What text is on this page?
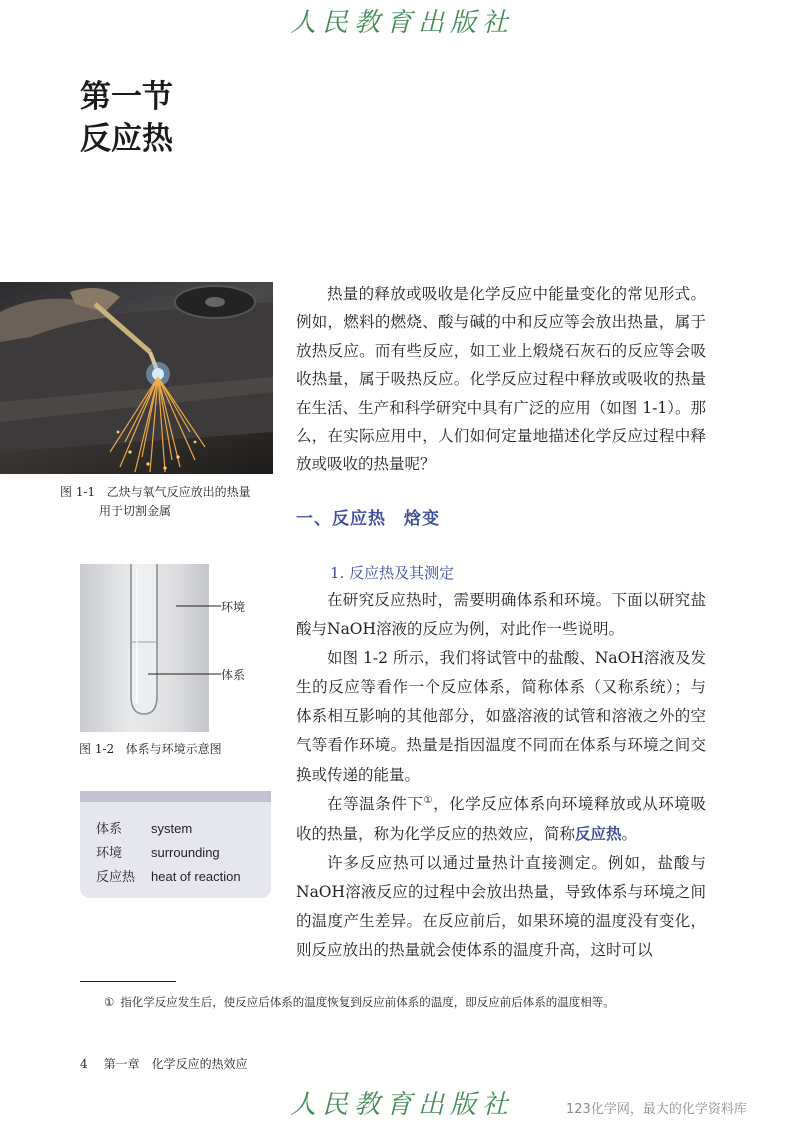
人民教育出版社
第一节
反应热
图 1-1 乙炔与氧气反应放出的热量
用于切割金属

热量的释放或吸收是化学反应中能量变化的常见形式。例如，燃料的燃烧、酸与碱的中和反应等会放出热量，属于放热反应。而有些反应，如工业上煅烧石灰石的反应等会吸收热量，属于吸热反应。化学反应过程中释放或吸收的热量在生活、生产和科学研究中具有广泛的应用（如图 1-1）。那么，在实际应用中，人们如何定量地描述化学反应过程中释放或吸收的热量呢？

一、反应热　焓变
1. 反应热及其测定

在研究反应热时，需要明确体系和环境。下面以研究盐酸与NaOH溶液的反应为例，对此作一些说明。

如图 1-2 所示，我们将试管中的盐酸、NaOH溶液及发生的反应等看作一个反应体系，简称体系（又称系统）；与体系相互影响的其他部分，如盛溶液的试管和溶液之外的空气等看作环境。热量是指因温度不同而在体系与环境之间交换或传递的能量。

在等温条件下①，化学反应体系向环境释放或从环境吸收的热量，称为化学反应的热效应，简称反应热。

许多反应热可以通过量热计直接测定。例如，盐酸与NaOH溶液反应的过程中会放出热量，导致体系与环境之间的温度产生差异。在反应前后，如果环境的温度没有变化，则反应放出的热量就会使体系的温度升高，这时可以

环境
体系
图 1-2 体系与环境示意图
体系 system
环境 surrounding
反应热 heat of reaction
① 指化学反应发生后，使反应后体系的温度恢复到反应前体系的温度，即反应前后体系的温度相等。
4 第一章 化学反应的热效应
人民教育出版社	123化学网，最大的化学资料库
